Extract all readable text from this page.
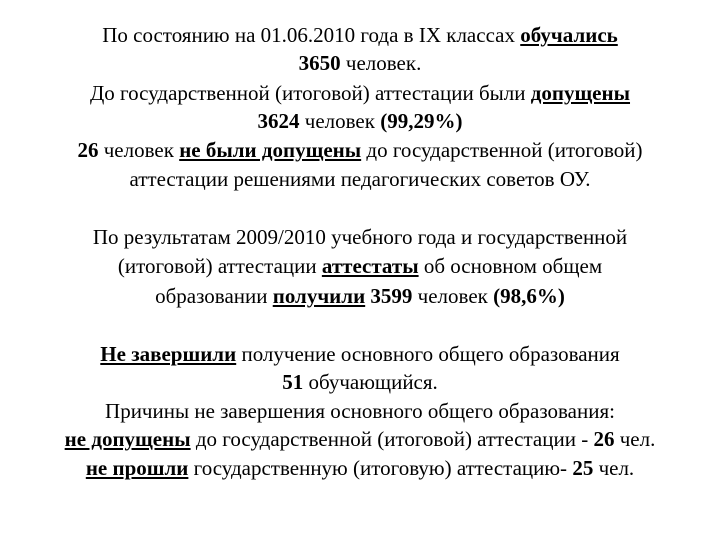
По состоянию на 01.06.2010 года в IX классах обучались
3650 человек.
До государственной (итоговой) аттестации были допущены
3624 человек (99,29%)
26 человек не были допущены до государственной (итоговой)
аттестации решениями педагогических советов ОУ.
По результатам 2009/2010 учебного года и государственной
(итоговой) аттестации аттестаты об основном общем
образовании получили 3599 человек (98,6%)
Не завершили получение основного общего образования
51 обучающийся.
Причины не завершения основного общего образования:
не допущены до государственной (итоговой) аттестации - 26 чел.
не прошли государственную (итоговую) аттестацию- 25 чел.
